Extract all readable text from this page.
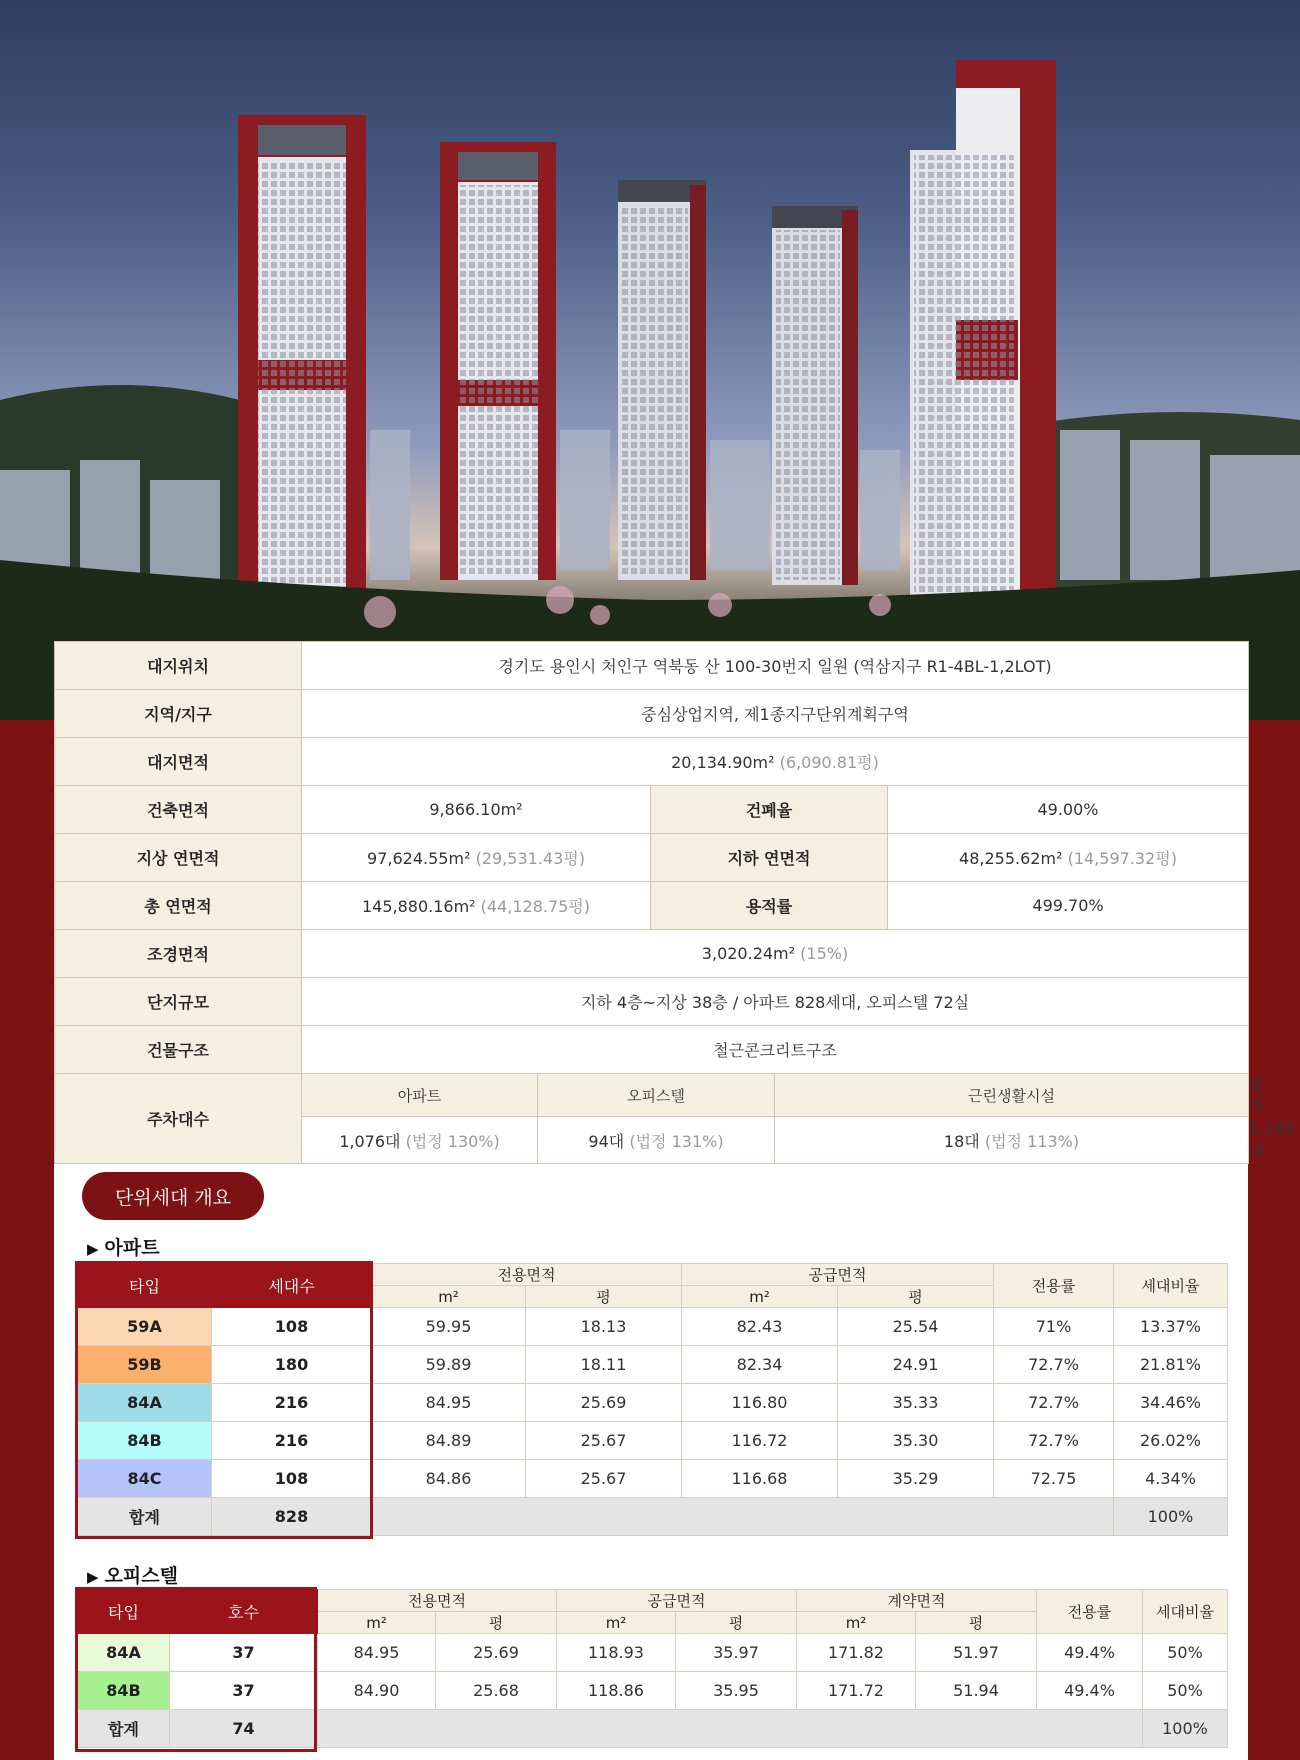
대지위치	경기도 용인시 처인구 역북동 산 100-30번지 일원 (역삼지구 R1-4BL-1,2LOT)					
지역/지구	중심상업지역, 제1종지구단위계획구역					
대지면적	20,134.90m² (6,090.81평)					
건축면적	9,866.10m²		건폐율		49.00%	
지상 연면적	97,624.55m² (29,531.43평)		지하 연면적		48,255.62m² (14,597.32평)	
총 연면적	145,880.16m² (44,128.75평)		용적률		499.70%	
조경면적	3,020.24m² (15%)					
단지규모	지하 4층~지상 38층 / 아파트 828세대, 오피스텔 72실					
건물구조	철근콘크리트구조					
주차대수	아파트	오피스텔		근린생활시설		합계
	1,076대 (법정 130%)	94대 (법정 131%)		18대 (법정 113%)		1,188대
단위세대 개요
▶ 아파트
타입	세대수	전용면적		공급면적		전용률	세대비율
		m²	평	m²	평		
59A	108	59.95	18.13	82.43	25.54	71%	13.37%
59B	180	59.89	18.11	82.34	24.91	72.7%	21.81%
84A	216	84.95	25.69	116.80	35.33	72.7%	34.46%
84B	216	84.89	25.67	116.72	35.30	72.7%	26.02%
84C	108	84.86	25.67	116.68	35.29	72.75	4.34%
합계	828						100%
▶ 오피스텔
타입	호수	전용면적		공급면적		계약면적		전용률	세대비율
		m²	평	m²	평	m²	평		
84A	37	84.95	25.69	118.93	35.97	171.82	51.97	49.4%	50%
84B	37	84.90	25.68	118.86	35.95	171.72	51.94	49.4%	50%
합계	74								100%
